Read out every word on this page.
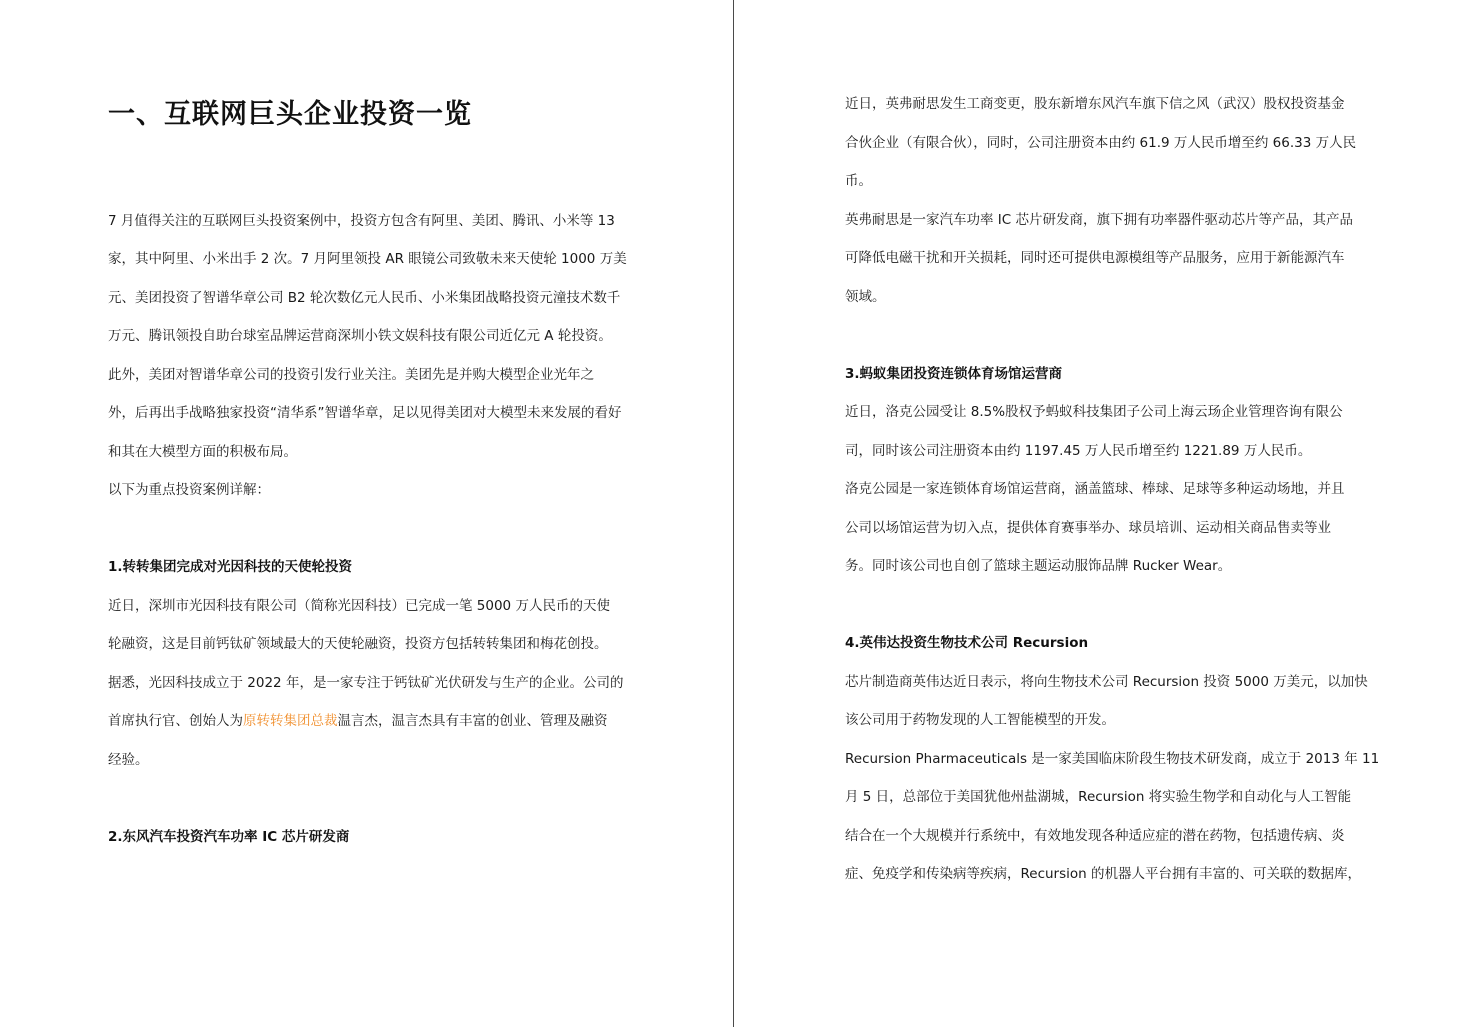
一、互联网巨头企业投资一览
7 月值得关注的互联网巨头投资案例中，投资方包含有阿里、美团、腾讯、小米等 13
家，其中阿里、小米出手 2 次。7 月阿里领投 AR 眼镜公司致敬未来天使轮 1000 万美
元、美团投资了智谱华章公司 B2 轮次数亿元人民币、小米集团战略投资元潼技术数千
万元、腾讯领投自助台球室品牌运营商深圳小铁文娱科技有限公司近亿元 A 轮投资。
此外，美团对智谱华章公司的投资引发行业关注。美团先是并购大模型企业光年之
外，后再出手战略独家投资“清华系”智谱华章，足以见得美团对大模型未来发展的看好
和其在大模型方面的积极布局。
以下为重点投资案例详解：
1.转转集团完成对光因科技的天使轮投资
近日，深圳市光因科技有限公司（简称光因科技）已完成一笔 5000 万人民币的天使
轮融资，这是目前钙钛矿领域最大的天使轮融资，投资方包括转转集团和梅花创投。
据悉，光因科技成立于 2022 年，是一家专注于钙钛矿光伏研发与生产的企业。公司的
首席执行官、创始人为原转转集团总裁温言杰，温言杰具有丰富的创业、管理及融资
经验。
2.东风汽车投资汽车功率 IC 芯片研发商
近日，英弗耐思发生工商变更，股东新增东风汽车旗下信之风（武汉）股权投资基金
合伙企业（有限合伙），同时，公司注册资本由约 61.9 万人民币增至约 66.33 万人民
币。
英弗耐思是一家汽车功率 IC 芯片研发商，旗下拥有功率器件驱动芯片等产品，其产品
可降低电磁干扰和开关损耗，同时还可提供电源模组等产品服务，应用于新能源汽车
领域。
3.蚂蚁集团投资连锁体育场馆运营商
近日，洛克公园受让 8.5%股权予蚂蚁科技集团子公司上海云玚企业管理咨询有限公
司，同时该公司注册资本由约 1197.45 万人民币增至约 1221.89 万人民币。
洛克公园是一家连锁体育场馆运营商，涵盖篮球、棒球、足球等多种运动场地，并且
公司以场馆运营为切入点，提供体育赛事举办、球员培训、运动相关商品售卖等业
务。同时该公司也自创了篮球主题运动服饰品牌 Rucker Wear。
4.英伟达投资生物技术公司 Recursion
芯片制造商英伟达近日表示，将向生物技术公司 Recursion 投资 5000 万美元，以加快
该公司用于药物发现的人工智能模型的开发。
Recursion Pharmaceuticals 是一家美国临床阶段生物技术研发商，成立于 2013 年 11
月 5 日，总部位于美国犹他州盐湖城，Recursion 将实验生物学和自动化与人工智能
结合在一个大规模并行系统中，有效地发现各种适应症的潜在药物，包括遗传病、炎
症、免疫学和传染病等疾病，Recursion 的机器人平台拥有丰富的、可关联的数据库，
